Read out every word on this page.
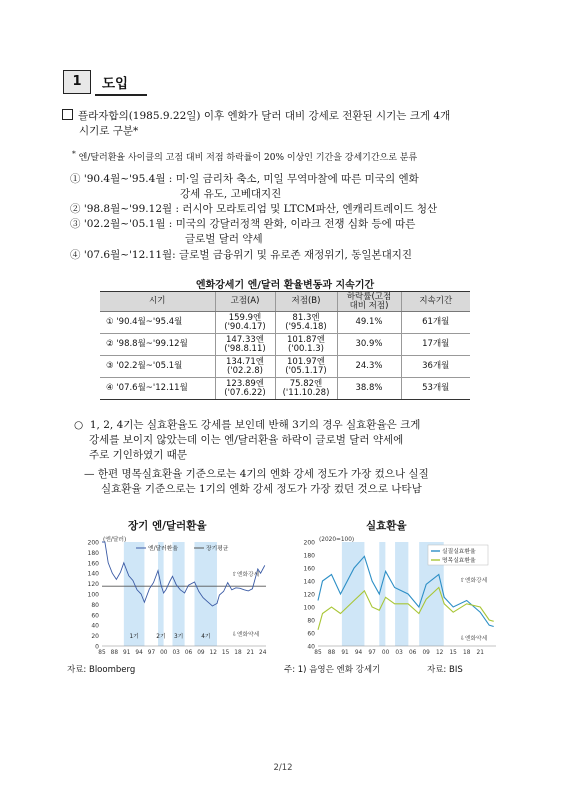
1	도입
플라자합의(1985.9.22일) 이후 엔화가 달러 대비 강세로 전환된 시기는 크게 4개
시기로 구분*
* 엔/달러환율 사이클의 고점 대비 저점 하락률이 20% 이상인 기간을 강세기간으로 분류
① '90.4월~'95.4월 : 미·일 금리차 축소, 미일 무역마찰에 따른 미국의 엔화
강세 유도, 고베대지진
② '98.8월~'99.12월 : 러시아 모라토리엄 및 LTCM파산, 엔캐리트레이드 청산
③ '02.2월~'05.1월 : 미국의 강달러정책 완화, 이라크 전쟁 심화 등에 따른
글로벌 달러 약세
④ '07.6월~'12.11월: 글로벌 금융위기 및 유로존 재정위기, 동일본대지진
엔화강세기 엔/달러 환율변동과 지속기간
시기	고점(A)	저점(B)	하락률(고점
대비 저점)	지속기간
① '90.4월~'95.4월	159.9엔
('90.4.17)	81.3엔
('95.4.18)	49.1%	61개월
② '98.8월~'99.12월	147.33엔
('98.8.11)	101.87엔
('00.1.3)	30.9%	17개월
③ '02.2월~'05.1월	134.71엔
('02.2.8)	101.97엔
('05.1.17)	24.3%	36개월
④ '07.6월~'12.11월	123.89엔
('07.6.22)	75.82엔
('11.10.28)	38.8%	53개월
○ 1, 2, 4기는 실효환율도 강세를 보인데 반해 3기의 경우 실효환율은 크게
강세를 보이지 않았는데 이는 엔/달러환율 하락이 글로벌 달러 약세에
주로 기인하였기 때문
— 한편 명목실효환율 기준으로는 4기의 엔화 강세 정도가 가장 컸으나 실질
실효환율 기준으로는 1기의 엔화 강세 정도가 가장 컸던 것으로 나타남
장기 엔/달러환율	실효환율
200
180
160
140
120
100
80
60
40
20
0
85 88 91 94 97 00 03 06 09 12 15 18 21 24
(엔/달러)
엔/달러환율	장기평균
⇧엔화강세
⇩엔화약세
1기	2기 3기	4기
200
180
160
140
120
100
80
60
40
85 88 91 94 97 00 03 06 09 12 15 18 21
(2020=100)
실질실효환율
명목실효환율
⇧엔화강세
⇩엔화약세
자료: Bloomberg	주: 1) 음영은 엔화 강세기	자료: BIS
2/12
